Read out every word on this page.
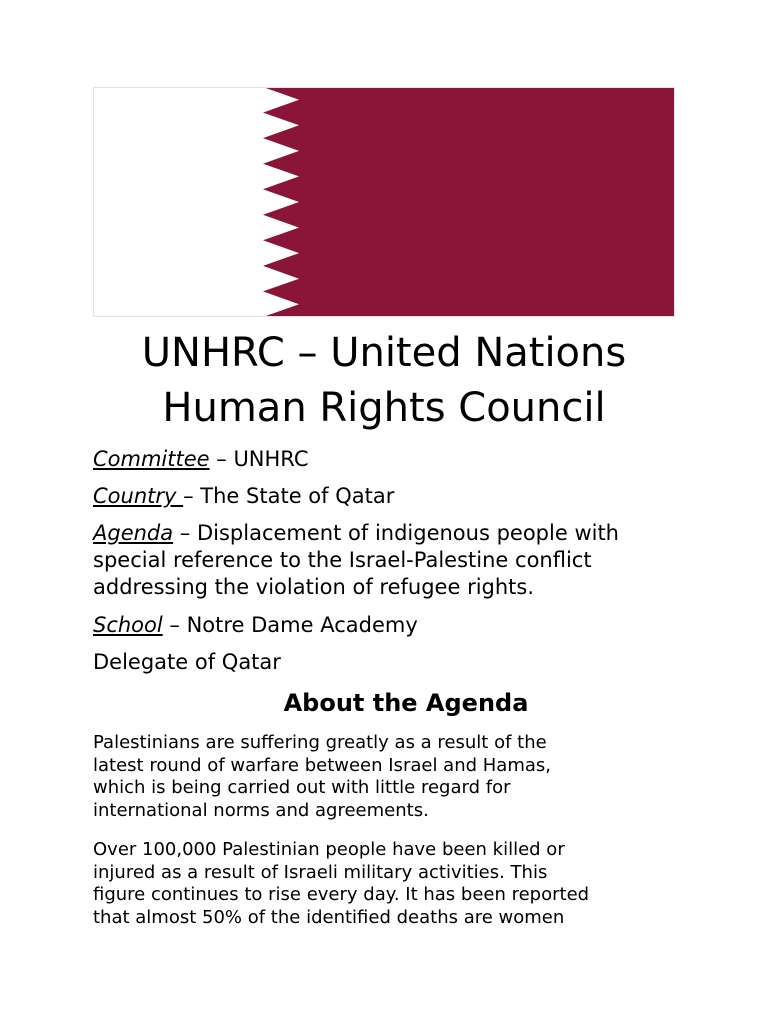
UNHRC – United Nations
Human Rights Council

Committee – UNHRC

Country – The State of Qatar

Agenda – Displacement of indigenous people with
special reference to the Israel-Palestine conflict
addressing the violation of refugee rights.

School – Notre Dame Academy

Delegate of Qatar

About the Agenda

Palestinians are suffering greatly as a result of the
latest round of warfare between Israel and Hamas,
which is being carried out with little regard for
international norms and agreements.

Over 100,000 Palestinian people have been killed or
injured as a result of Israeli military activities. This
figure continues to rise every day. It has been reported
that almost 50% of the identified deaths are women
